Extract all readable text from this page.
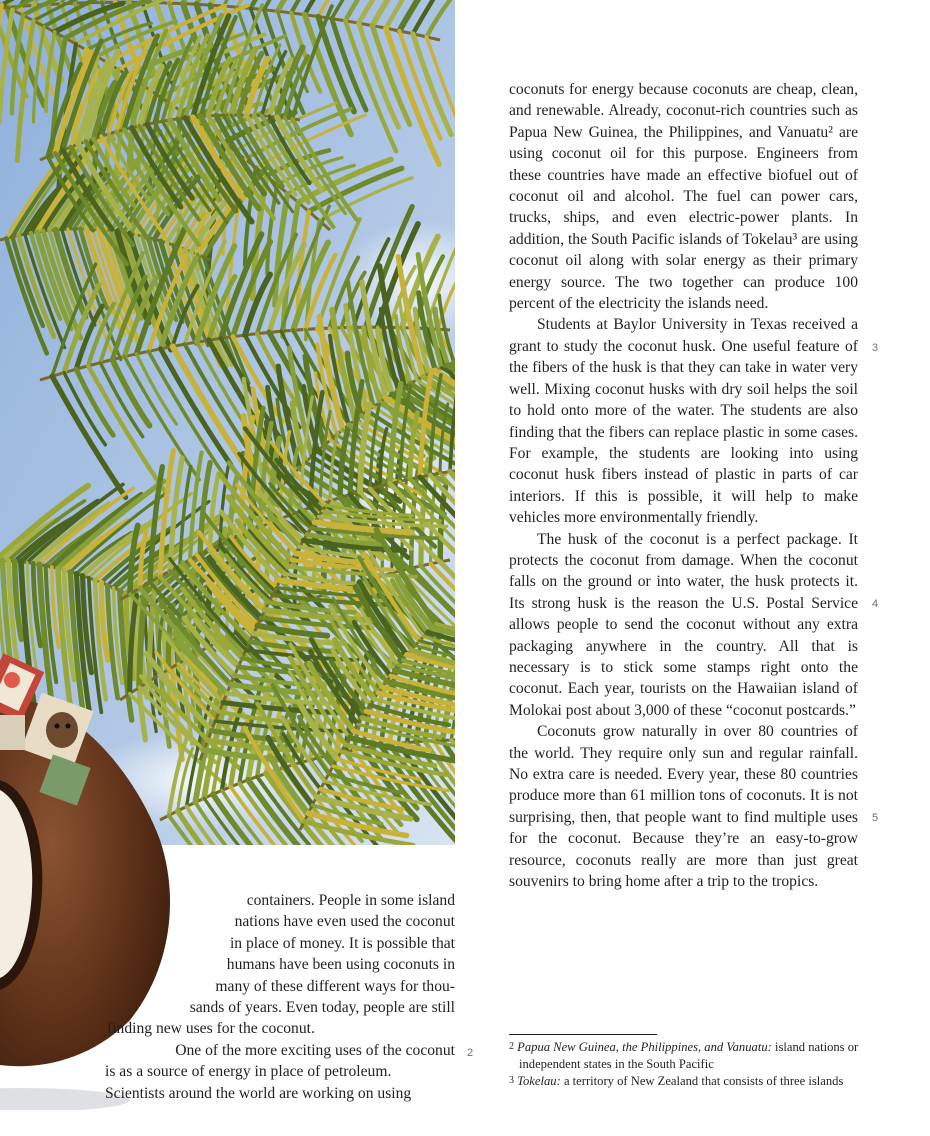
containers. People in some island
nations have even used the coconut
in place of money. It is possible that
humans have been using coconuts in
many of these different ways for thou-
sands of years. Even today, people are still
finding new uses for the coconut.
One of the more exciting uses of the coconut
is as a source of energy in place of petroleum.
Scientists around the world are working on using

coconuts for energy because coconuts are cheap, clean, and renewable. Already, coconut-rich countries such as Papua New Guinea, the Philippines, and Vanuatu² are using coconut oil for this purpose. Engineers from these countries have made an effective biofuel out of coconut oil and alcohol. The fuel can power cars, trucks, ships, and even electric-power plants. In addition, the South Pacific islands of Tokelau³ are using coconut oil along with solar energy as their primary energy source. The two together can produce 100 percent of the electricity the islands need.

Students at Baylor University in Texas received a grant to study the coconut husk. One useful feature of the fibers of the husk is that they can take in water very well. Mixing coconut husks with dry soil helps the soil to hold onto more of the water. The students are also finding that the fibers can replace plastic in some cases. For example, the students are looking into using coconut husk fibers instead of plastic in parts of car interiors. If this is possible, it will help to make vehicles more environmentally friendly.

The husk of the coconut is a perfect package. It protects the coconut from damage. When the coconut falls on the ground or into water, the husk protects it. Its strong husk is the reason the U.S. Postal Service allows people to send the coconut without any extra packaging anywhere in the country. All that is necessary is to stick some stamps right onto the coconut. Each year, tourists on the Hawaiian island of Molokai post about 3,000 of these “coconut postcards.”

Coconuts grow naturally in over 80 countries of the world. They require only sun and regular rainfall. No extra care is needed. Every year, these 80 countries produce more than 61 million tons of coconuts. It is not surprising, then, that people want to find multiple uses for the coconut. Because they’re an easy-to-grow resource, coconuts really are more than just great souvenirs to bring home after a trip to the tropics.

2
3
4
5

$^2$ Papua New Guinea, the Philippines, and Vanuatu: island nations or independent states in the South Pacific

$^3$ Tokelau: a territory of New Zealand that consists of three islands
